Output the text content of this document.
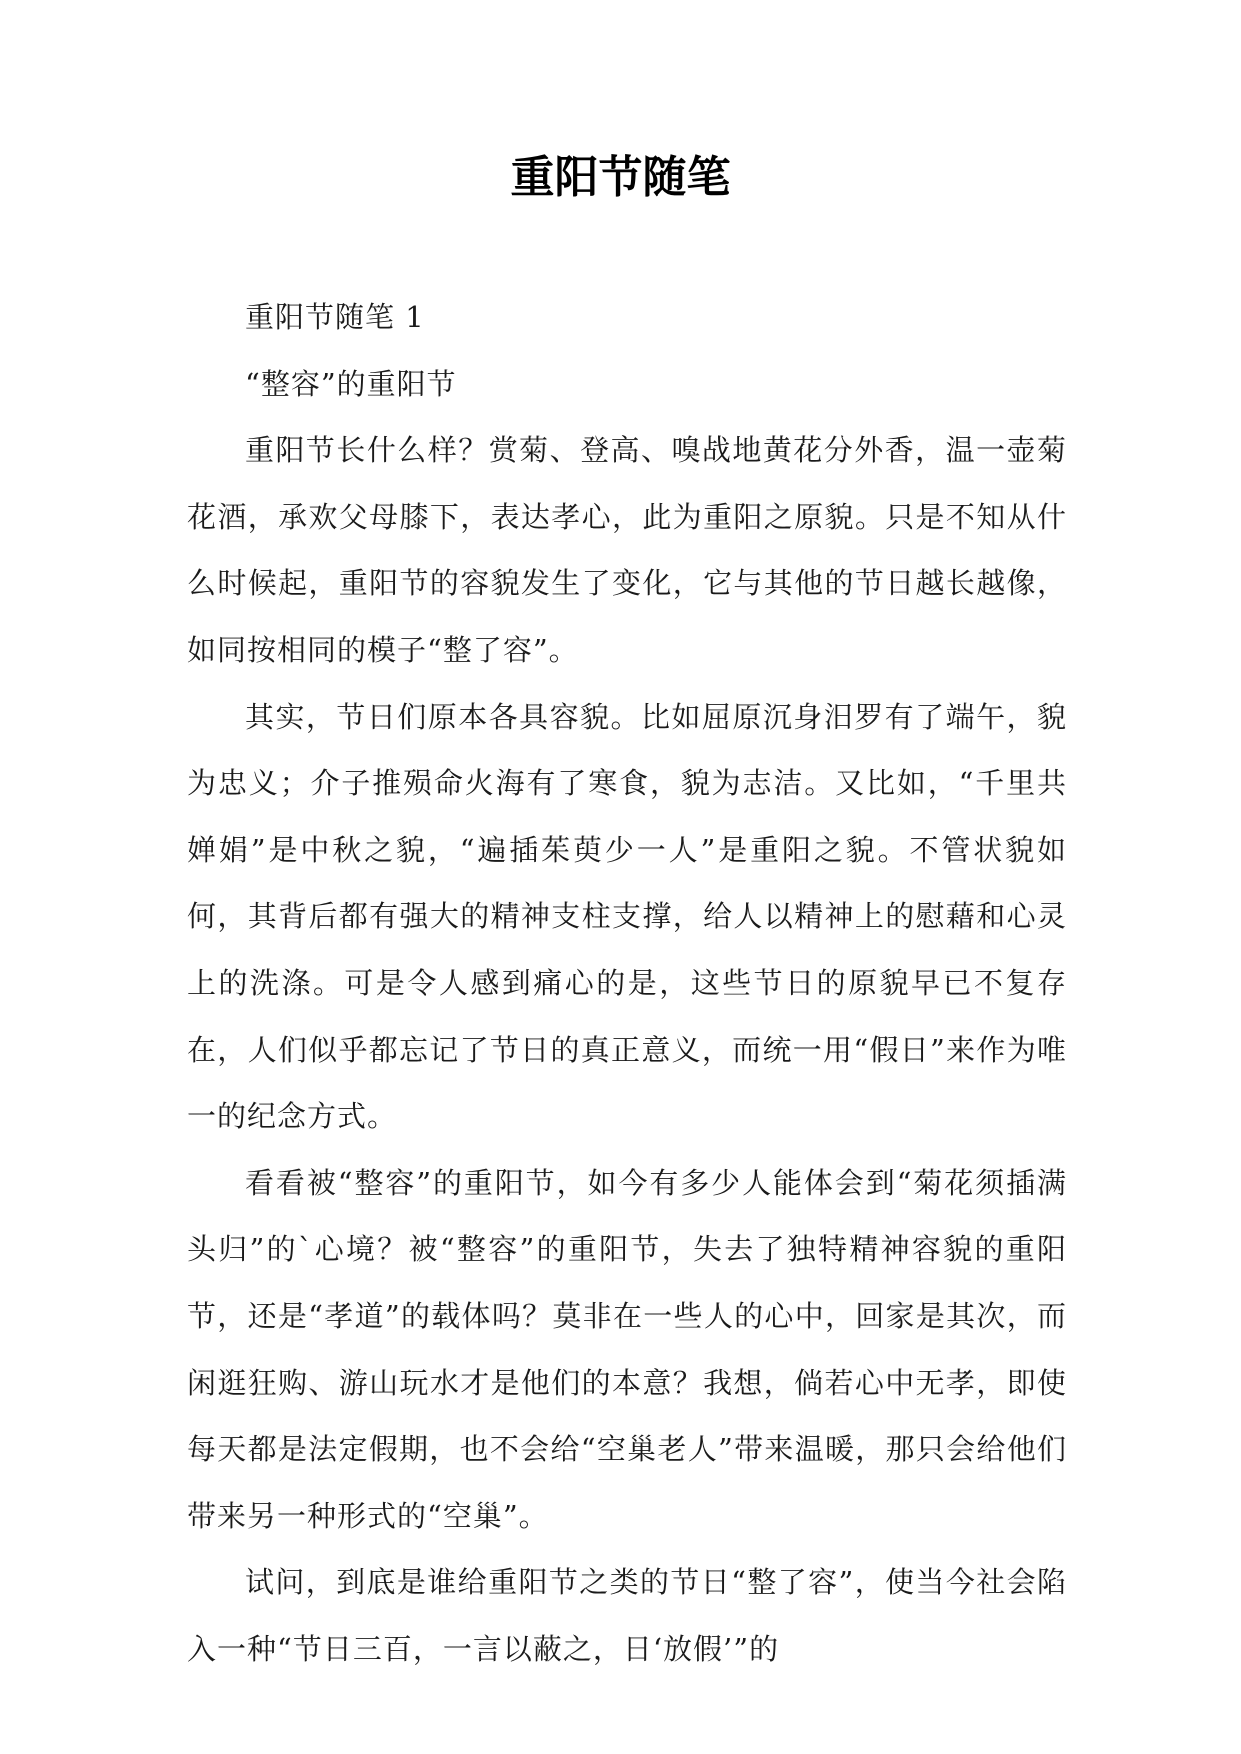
重阳节随笔

重阳节随笔 1

“整容”的重阳节

重阳节长什么样？赏菊、登高、嗅战地黄花分外香，温一壶菊花酒，承欢父母膝下，表达孝心，此为重阳之原貌。只是不知从什么时候起，重阳节的容貌发生了变化，它与其他的节日越长越像，如同按相同的模子“整了容”。

其实，节日们原本各具容貌。比如屈原沉身汨罗有了端午，貌为忠义；介子推殒命火海有了寒食，貌为志洁。又比如，“千里共婵娟”是中秋之貌，“遍插茱萸少一人”是重阳之貌。不管状貌如何，其背后都有强大的精神支柱支撑，给人以精神上的慰藉和心灵上的洗涤。可是令人感到痛心的是，这些节日的原貌早已不复存在，人们似乎都忘记了节日的真正意义，而统一用“假日”来作为唯一的纪念方式。

看看被“整容”的重阳节，如今有多少人能体会到“菊花须插满头归”的`心境？被“整容”的重阳节，失去了独特精神容貌的重阳节，还是“孝道”的载体吗？莫非在一些人的心中，回家是其次，而闲逛狂购、游山玩水才是他们的本意？我想，倘若心中无孝，即使每天都是法定假期，也不会给“空巢老人”带来温暖，那只会给他们带来另一种形式的“空巢”。

试问，到底是谁给重阳节之类的节日“整了容”，使当今社会陷入一种“节日三百，一言以蔽之，日‘放假’”的
